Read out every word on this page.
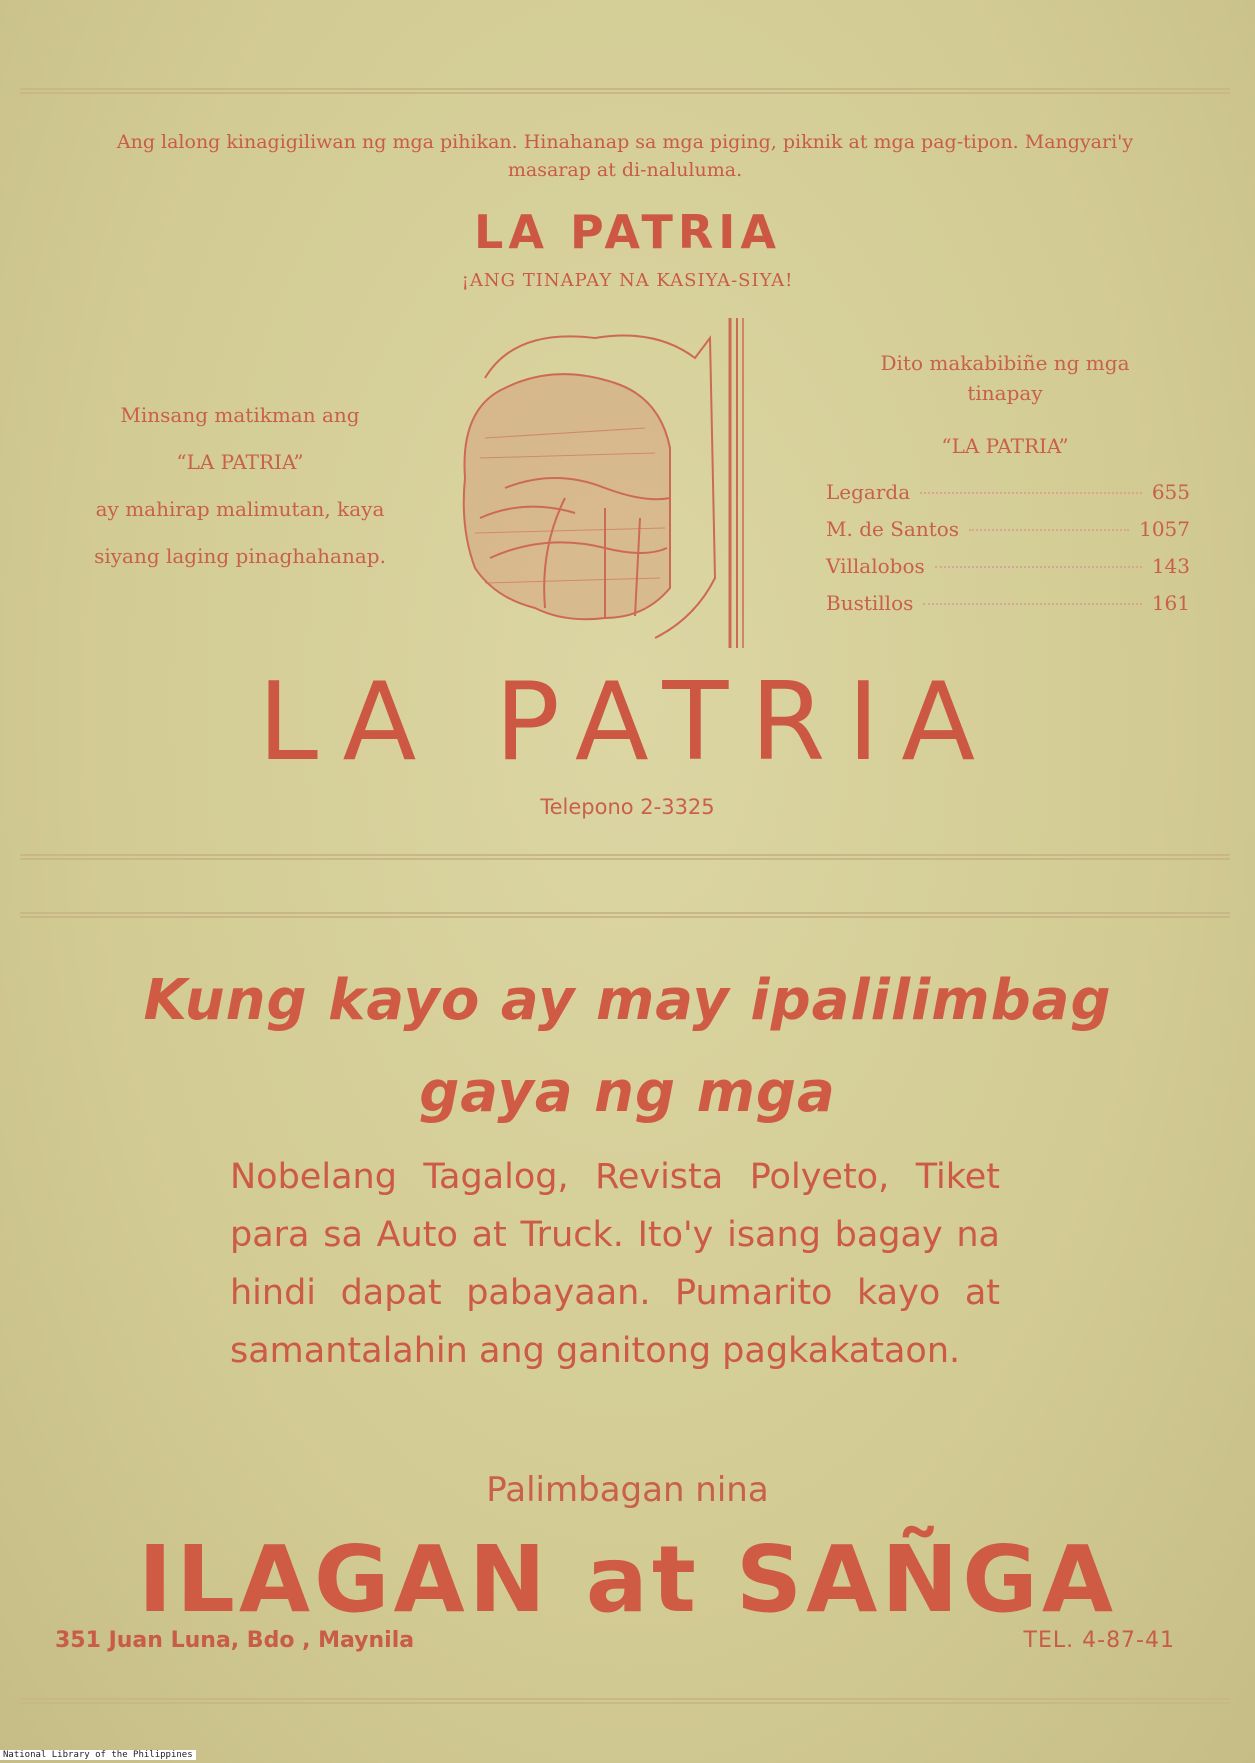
Ang lalong kinagigiliwan ng mga pihikan. Hinahanap sa mga piging, piknik at mga pag-tipon. Mangyari'y masarap at di-naluluma.
LA PATRIA
¡ANG TINAPAY NA KASIYA-SIYA!
Minsang matikman ang
“LA PATRIA”
ay mahirap malimutan, kaya
siyang laging pinaghahanap.
Dito makabibiñe ng mga
tinapay
“LA PATRIA”
Legarda	655
M. de Santos	1057
Villalobos	143
Bustillos	161
LA PATRIA
Telepono 2-3325
Kung kayo ay may ipalilimbag
gaya ng mga
Nobelang Tagalog, Revista Polyeto, Tiket para sa Auto at Truck. Ito'y isang bagay na hindi dapat pabayaan. Pumarito kayo at samantalahin ang ganitong pagkakataon.
Palimbagan nina
ILAGAN at SAÑGA
351 Juan Luna, Bdo , Maynila	TEL. 4-87-41
National Library of the Philippines
